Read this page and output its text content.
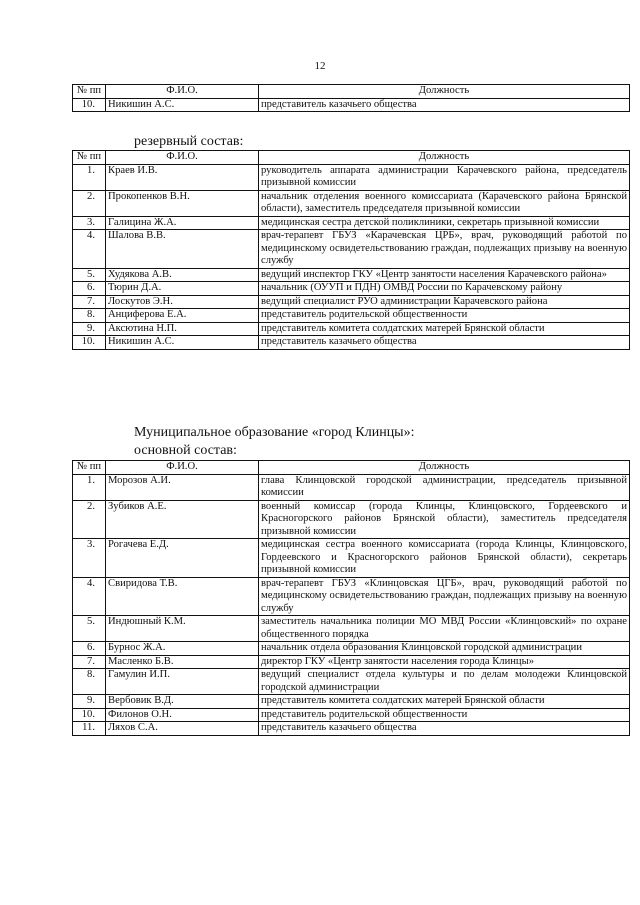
12
№ пп	Ф.И.О.	Должность
10.	Никишин А.С.	представитель казачьего общества
резервный состав:
№ пп	Ф.И.О.	Должность
1.	Краев И.В.	руководитель аппарата администрации Карачевского района, председатель призывной комиссии
2.	Прокопенков В.Н.	начальник отделения военного комиссариата (Карачевского района Брянской области), заместитель председателя призывной комиссии
3.	Галицина Ж.А.	медицинская сестра детской поликлиники, секретарь призывной комиссии
4.	Шалова В.В.	врач-терапевт ГБУЗ «Карачевская ЦРБ», врач, руководящий работой по медицинскому освидетельствованию граждан, подлежащих призыву на военную службу
5.	Худякова А.В.	ведущий инспектор ГКУ «Центр занятости населения Карачевского района»
6.	Тюрин Д.А.	начальник (ОУУП и ПДН) ОМВД России по Карачевскому району
7.	Лоскутов Э.Н.	ведущий специалист РУО администрации Карачевского района
8.	Анциферова Е.А.	представитель родительской общественности
9.	Аксютина Н.П.	представитель комитета солдатских матерей Брянской области
10.	Никишин А.С.	представитель казачьего общества
Муниципальное образование «город Клинцы»:
основной состав:
№ пп	Ф.И.О.	Должность
1.	Морозов А.И.	глава Клинцовской городской администрации, председатель призывной комиссии
2.	Зубиков А.Е.	военный комиссар (города Клинцы, Клинцовского, Гордеевского и Красногорского районов Брянской области), заместитель председателя призывной комиссии
3.	Рогачева Е.Д.	медицинская сестра военного комиссариата (города Клинцы, Клинцовского, Гордеевского и Красногорского районов Брянской области), секретарь призывной комиссии
4.	Свиридова Т.В.	врач-терапевт ГБУЗ «Клинцовская ЦГБ», врач, руководящий работой по медицинскому освидетельствованию граждан, подлежащих призыву на военную службу
5.	Индюшный К.М.	заместитель начальника полиции МО МВД России «Клинцовский» по охране общественного порядка
6.	Бурнос Ж.А.	начальник отдела образования Клинцовской городской администрации
7.	Масленко Б.В.	директор ГКУ «Центр занятости населения города Клинцы»
8.	Гамулин И.П.	ведущий специалист отдела культуры и по делам молодежи Клинцовской городской администрации
9.	Вербовик В.Д.	представитель комитета солдатских матерей Брянской области
10.	Филонов О.Н.	представитель родительской общественности
11.	Ляхов С.А.	представитель казачьего общества
